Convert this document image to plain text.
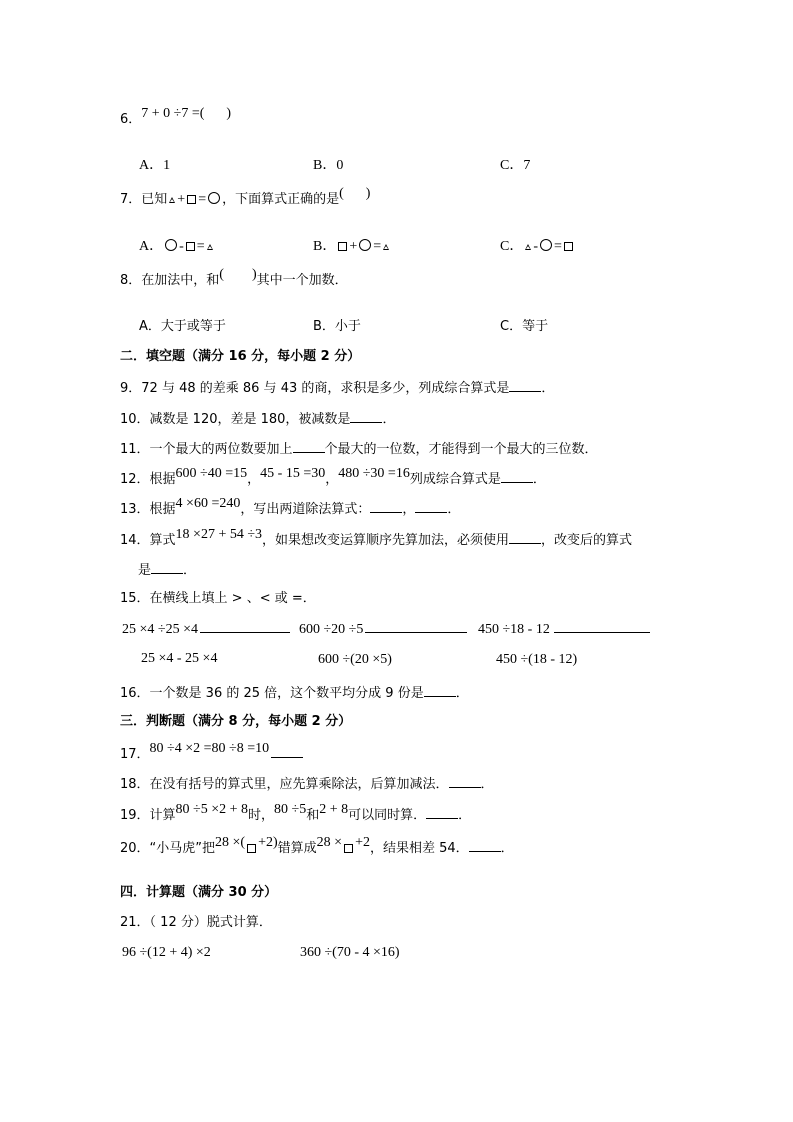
6．7 + 0 ÷7 =( )
A．1	B．0	C．7
7．已知 + = ，下面算式正确的是( )
A． - =	B． + =	C． - =
8．在加法中，和( )其中一个加数．
A．大于或等于	B．小于	C．等于
二．填空题（满分 16 分，每小题 2 分）
9．72 与 48 的差乘 86 与 43 的商，求积是多少，列成综合算式是 ．
10．减数是 120，差是 180，被减数是 ．
11．一个最大的两位数要加上 个最大的一位数，才能得到一个最大的三位数．
12．根据600 ÷40 =15，45 - 15 =30，480 ÷30 =16列成综合算式是 ．
13．根据4 ×60 =240，写出两道除法算式： ， ．
14．算式18 ×27 + 54 ÷3，如果想改变运算顺序先算加法，必须使用 ，改变后的算式
是 ．
15．在横线上填上 > 、< 或 =．
25 ×4 ÷25 ×4	600 ÷20 ÷5	450 ÷18 - 12
25 ×4 - 25 ×4	600 ÷(20 ×5)	450 ÷(18 - 12)
16．一个数是 36 的 25 倍，这个数平均分成 9 份是 ．
三．判断题（满分 8 分，每小题 2 分）
17．80 ÷4 ×2 =80 ÷8 =10
18．在没有括号的算式里，应先算乘除法，后算加减法． ．
19．计算80 ÷5 ×2 + 8时，80 ÷5和2 + 8可以同时算． ．
20．“小马虎”把28 ×( +2)错算成28 × +2，结果相差 54． ．
四．计算题（满分 30 分）
21．（ 12 分）脱式计算．
96 ÷(12 + 4) ×2	360 ÷(70 - 4 ×16)
